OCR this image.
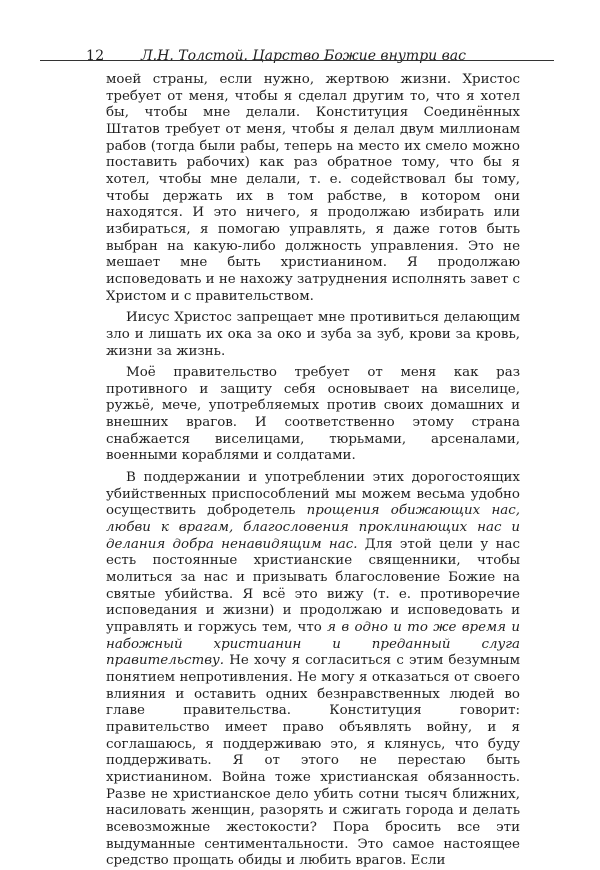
12	Л.Н. Толстой. Царство Божие внутри вас

моей страны, если нужно, жертвою жизни. Христос требует от меня, чтобы я сделал другим то, что я хотел бы, чтобы мне делали. Конституция Соединённых Штатов требует от меня, чтобы я делал двум миллионам рабов (тогда были рабы, теперь на место их смело можно поставить рабочих) как раз обратное тому, что бы я хотел, чтобы мне делали, т. е. содействовал бы тому, чтобы держать их в том рабстве, в котором они находятся. И это ничего, я продолжаю избирать или избираться, я помогаю управлять, я даже готов быть выбран на какую-либо должность управления. Это не мешает мне быть христианином. Я продолжаю исповедовать и не нахожу затруднения исполнять завет с Христом и с правительством.

Иисус Христос запрещает мне противиться делающим зло и лишать их ока за око и зуба за зуб, крови за кровь, жизни за жизнь.

Моё правительство требует от меня как раз противного и защиту себя основывает на виселице, ружьё, мече, употребляемых против своих домашних и внешних врагов. И соответственно этому страна снабжается виселицами, тюрьмами, арсеналами, военными кораблями и солдатами.

В поддержании и употреблении этих дорогостоящих убийственных приспособлений мы можем весьма удобно осуществить добродетель прощения обижающих нас, любви к врагам, благословения проклинающих нас и делания добра ненавидящим нас. Для этой цели у нас есть постоянные христианские священники, чтобы молиться за нас и призывать благословение Божие на святые убийства. Я всё это вижу (т. е. противоречие исповедания и жизни) и продолжаю и исповедовать и управлять и горжусь тем, что я в одно и то же время и набожный христианин и преданный слуга правительству. Не хочу я согласиться с этим безумным понятием непротивления. Не могу я отказаться от своего влияния и оставить одних безнравственных людей во главе правительства. Конституция говорит: правительство имеет право объявлять войну, и я соглашаюсь, я поддерживаю это, я клянусь, что буду поддерживать. Я от этого не перестаю быть христианином. Война тоже христианская обязанность. Разве не христианское дело убить сотни тысяч ближних, насиловать женщин, разорять и сжигать города и делать всевозможные жестокости? Пора бросить все эти выдуманные сентиментальности. Это самое настоящее средство прощать обиды и любить врагов. Если
